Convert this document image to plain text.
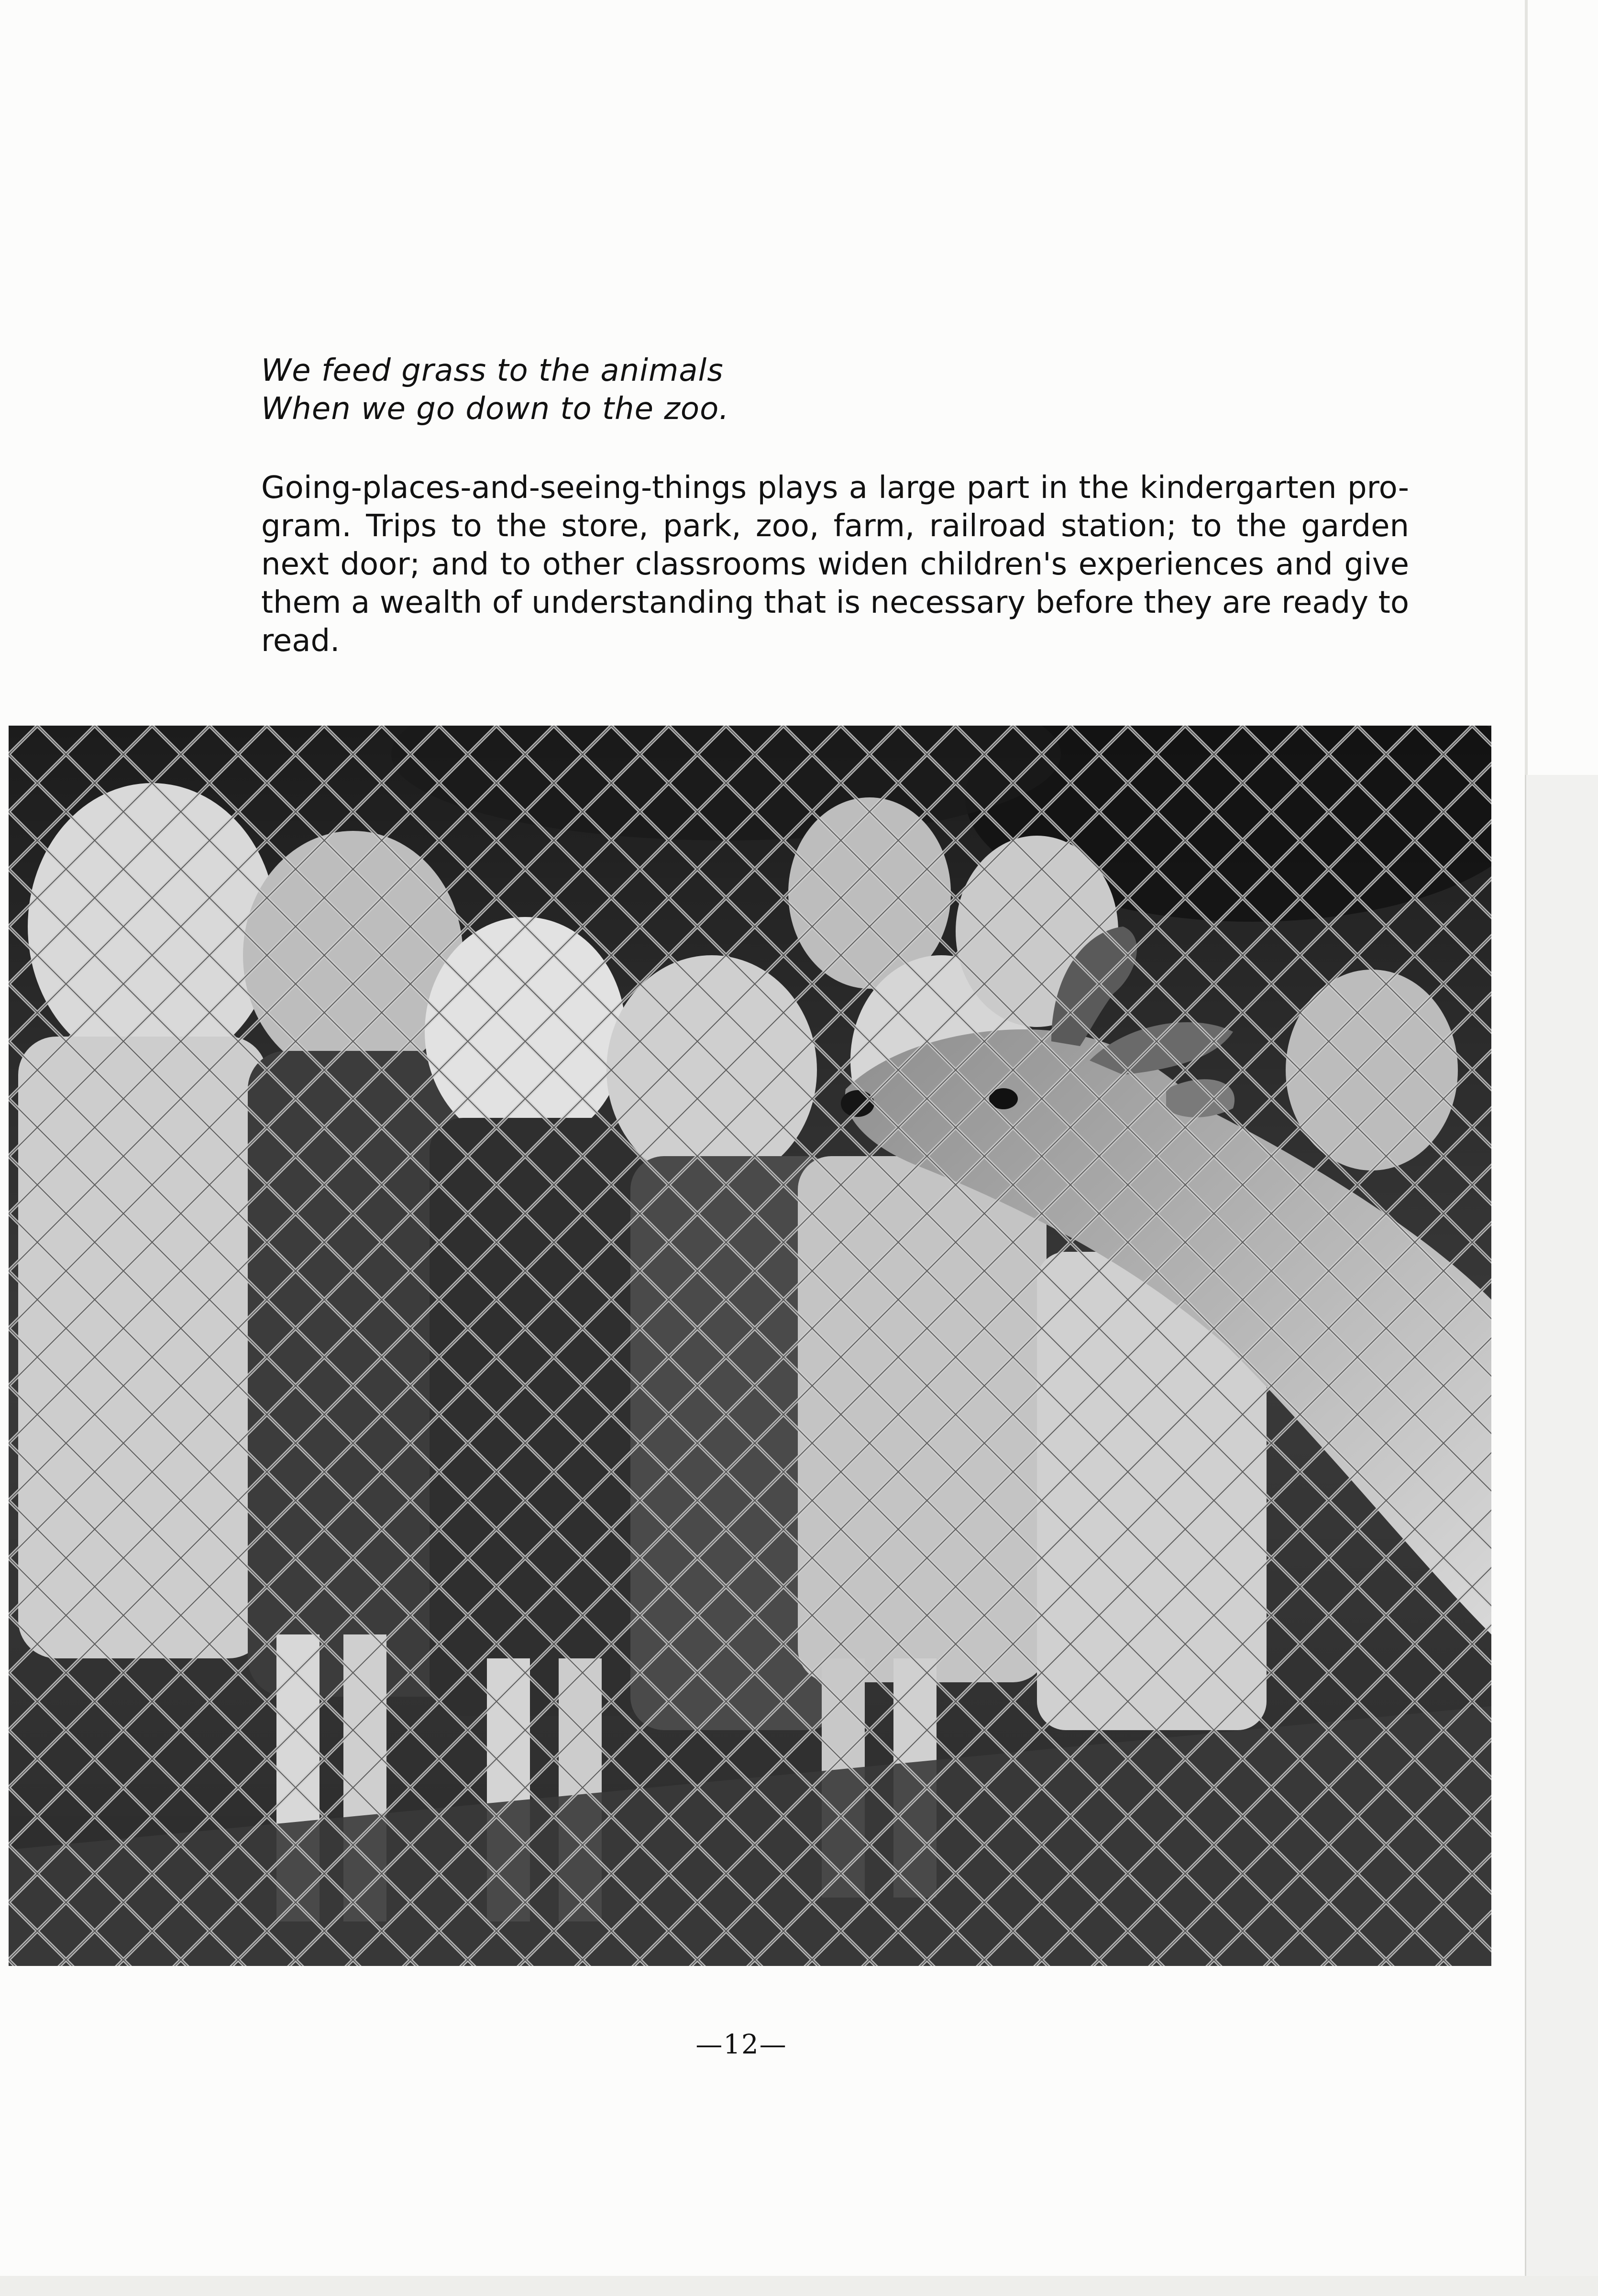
We feed grass to the animals
When we go down to the zoo.

Going-places-and-seeing-things plays a large part in the kindergarten pro-gram. Trips to the store, park, zoo, farm, railroad station; to the garden next door; and to other classrooms widen children's experiences and give them a wealth of understanding that is necessary before they are ready to read.

—12—
